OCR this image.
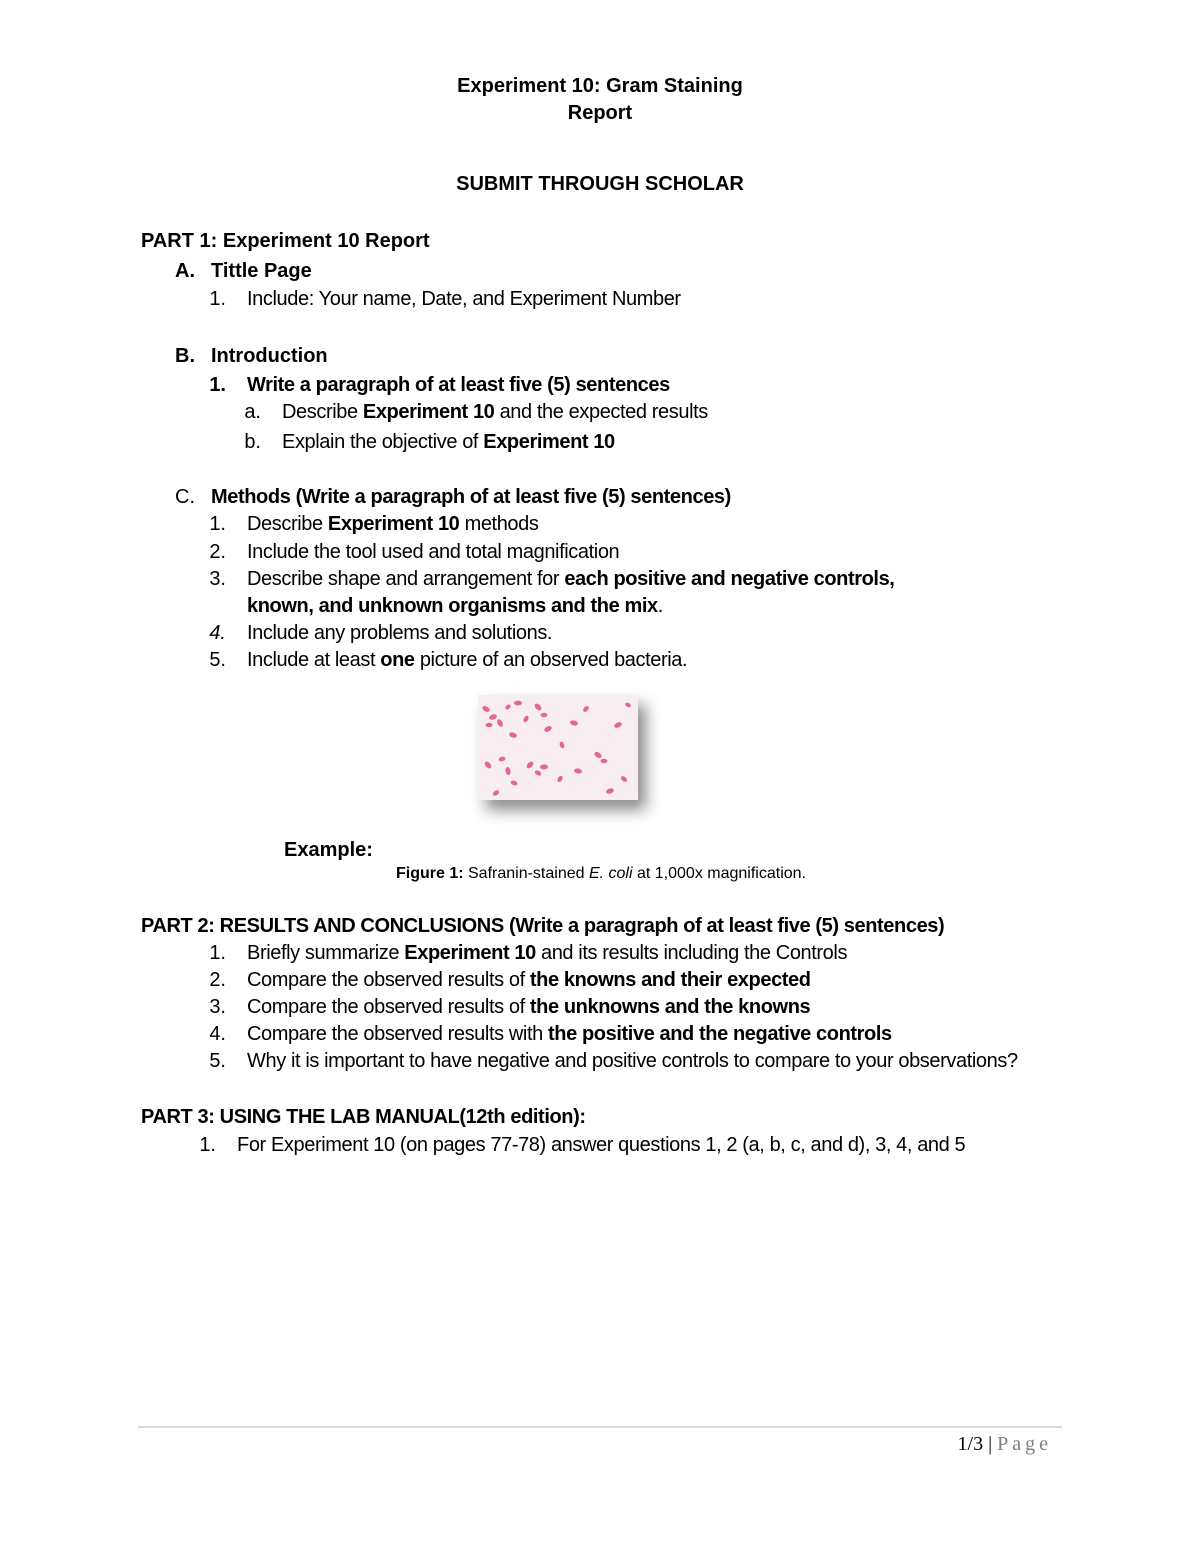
Experiment 10: Gram Staining
Report
SUBMIT THROUGH SCHOLAR
PART 1: Experiment 10 Report
A. Tittle Page
1. Include: Your name, Date, and Experiment Number
B. Introduction
1. Write a paragraph of at least five (5) sentences
a. Describe Experiment 10 and the expected results
b. Explain the objective of Experiment 10
C. Methods (Write a paragraph of at least five (5) sentences)
1. Describe Experiment 10 methods
2. Include the tool used and total magnification
3. Describe shape and arrangement for each positive and negative controls,
known, and unknown organisms and the mix.
4. Include any problems and solutions.
5. Include at least one picture of an observed bacteria.
Example:
Figure 1: Safranin-stained E. coli at 1,000x magnification.
PART 2: RESULTS AND CONCLUSIONS (Write a paragraph of at least five (5) sentences)
1. Briefly summarize Experiment 10 and its results including the Controls
2. Compare the observed results of the knowns and their expected
3. Compare the observed results of the unknowns and the knowns
4. Compare the observed results with the positive and the negative controls
5. Why it is important to have negative and positive controls to compare to your observations?
PART 3: USING THE LAB MANUAL(12th edition):
1. For Experiment 10 (on pages 77-78) answer questions 1, 2 (a, b, c, and d), 3, 4, and 5
1/3 | Page
